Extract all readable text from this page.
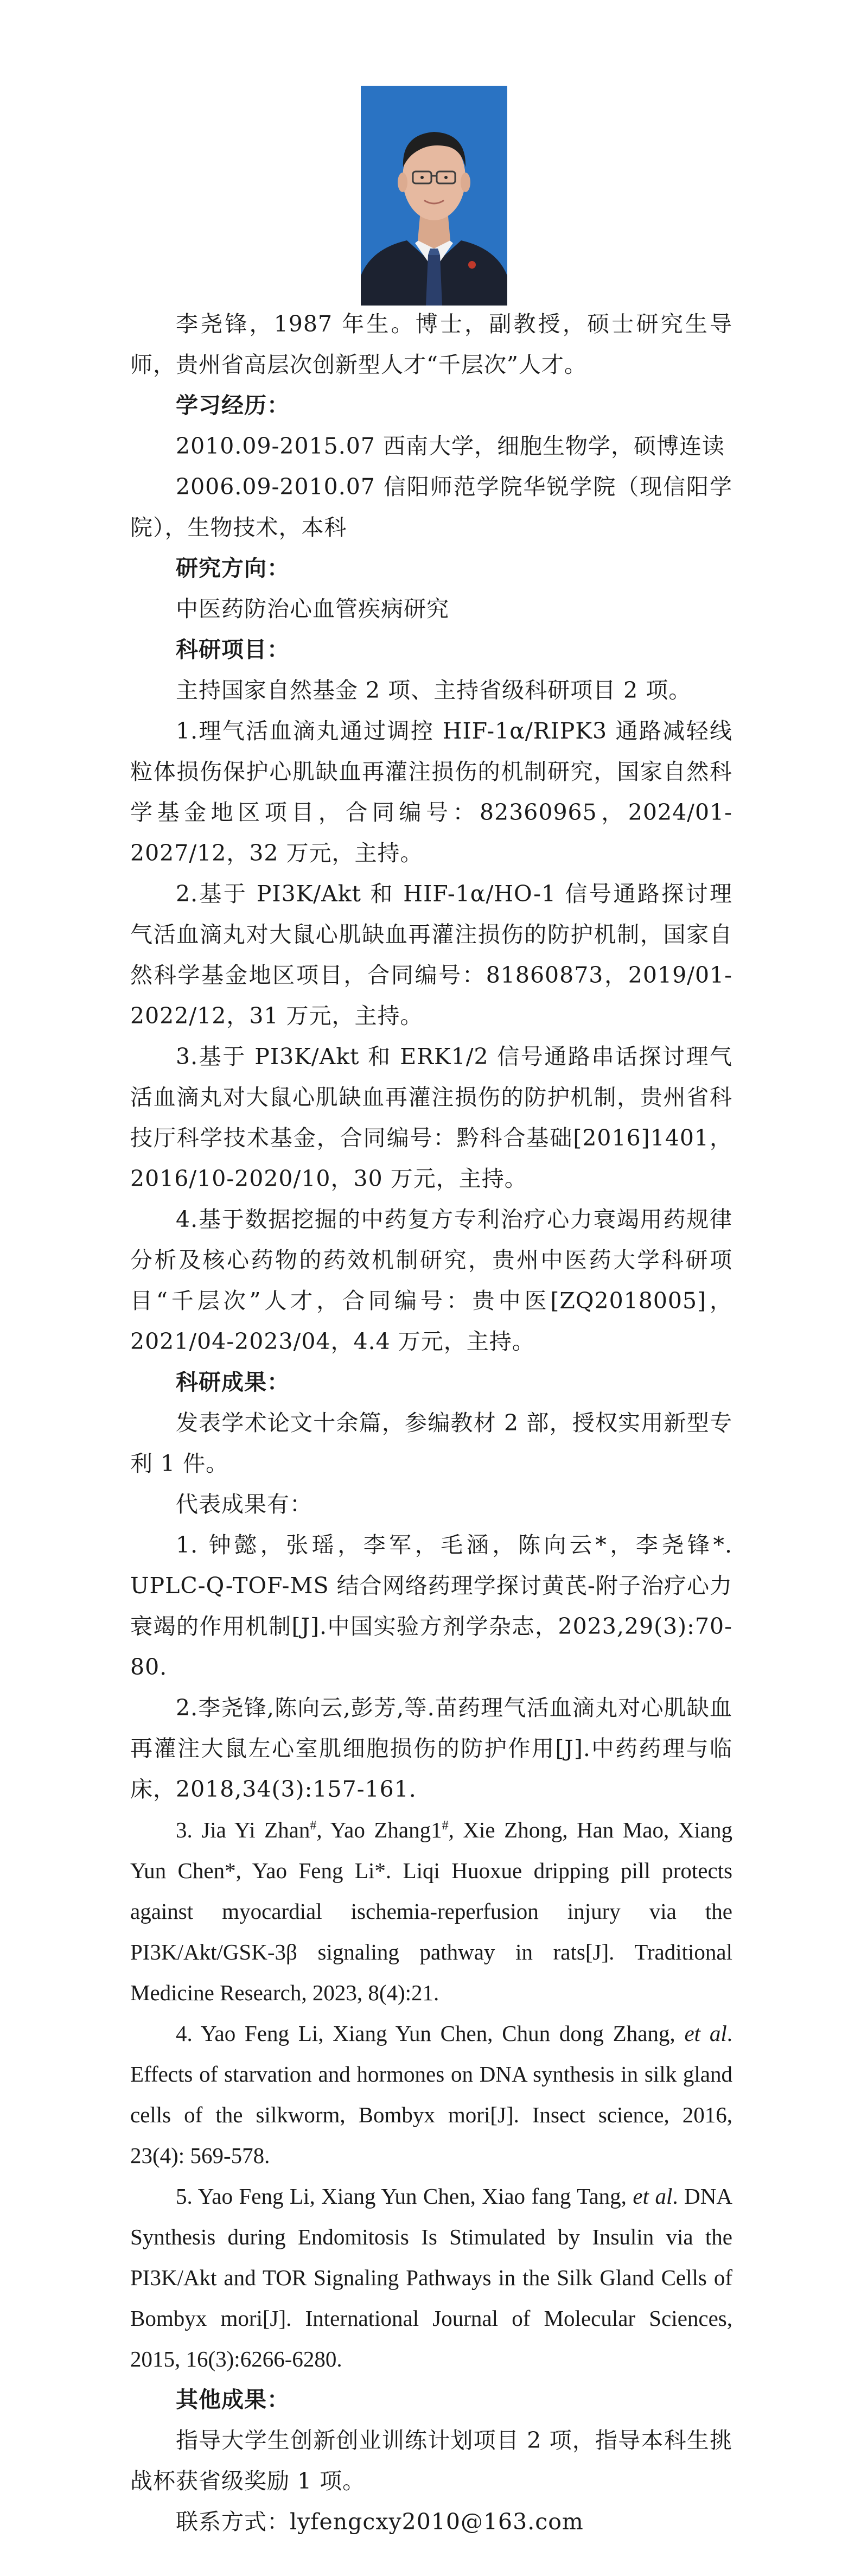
李尧锋，1987 年生。博士，副教授，硕士研究生导师，贵州省高层次创新型人才“千层次”人才。

学习经历：

2010.09-2015.07 西南大学，细胞生物学，硕博连读

2006.09-2010.07 信阳师范学院华锐学院（现信阳学院），生物技术，本科

研究方向：

中医药防治心血管疾病研究

科研项目：

主持国家自然基金 2 项、主持省级科研项目 2 项。

1.理气活血滴丸通过调控 HIF-1α/RIPK3 通路减轻线粒体损伤保护心肌缺血再灌注损伤的机制研究，国家自然科学基金地区项目，合同编号：82360965，2024/01-2027/12，32 万元，主持。

2.基于 PI3K/Akt 和 HIF-1α/HO-1 信号通路探讨理气活血滴丸对大鼠心肌缺血再灌注损伤的防护机制，国家自然科学基金地区项目，合同编号：81860873，2019/01-2022/12，31 万元，主持。

3.基于 PI3K/Akt 和 ERK1/2 信号通路串话探讨理气活血滴丸对大鼠心肌缺血再灌注损伤的防护机制，贵州省科技厅科学技术基金，合同编号：黔科合基础[2016]1401，2016/10-2020/10，30 万元，主持。

4.基于数据挖掘的中药复方专利治疗心力衰竭用药规律分析及核心药物的药效机制研究，贵州中医药大学科研项目“千层次”人才，合同编号：贵中医[ZQ2018005]，2021/04-2023/04，4.4 万元，主持。

科研成果：

发表学术论文十余篇，参编教材 2 部，授权实用新型专利 1 件。

代表成果有：

1. 钟懿，张瑶，李军，毛涵，陈向云*，李尧锋*. UPLC-Q-TOF-MS 结合网络药理学探讨黄芪-附子治疗心力衰竭的作用机制[J].中国实验方剂学杂志，2023,29(3):70-80.

2.李尧锋,陈向云,彭芳,等.苗药理气活血滴丸对心肌缺血再灌注大鼠左心室肌细胞损伤的防护作用[J].中药药理与临床，2018,34(3):157-161.

3. Jia Yi Zhan#, Yao Zhang1#, Xie Zhong, Han Mao, Xiang Yun Chen*, Yao Feng Li*. Liqi Huoxue dripping pill protects against myocardial ischemia-reperfusion injury via the PI3K/Akt/GSK-3β signaling pathway in rats[J]. Traditional Medicine Research, 2023, 8(4):21.

4. Yao Feng Li, Xiang Yun Chen, Chun dong Zhang, et al. Effects of starvation and hormones on DNA synthesis in silk gland cells of the silkworm, Bombyx mori[J]. Insect science, 2016, 23(4): 569-578.

5. Yao Feng Li, Xiang Yun Chen, Xiao fang Tang, et al. DNA Synthesis during Endomitosis Is Stimulated by Insulin via the PI3K/Akt and TOR Signaling Pathways in the Silk Gland Cells of Bombyx mori[J]. International Journal of Molecular Sciences, 2015, 16(3):6266-6280.

其他成果：

指导大学生创新创业训练计划项目 2 项，指导本科生挑战杯获省级奖励 1 项。

联系方式：lyfengcxy2010@163.com
